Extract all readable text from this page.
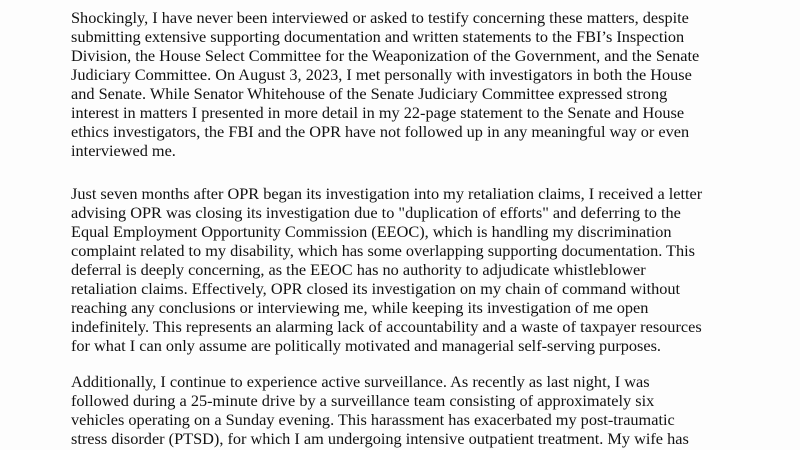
Shockingly, I have never been interviewed or asked to testify concerning these matters, despite
submitting extensive supporting documentation and written statements to the FBI’s Inspection
Division, the House Select Committee for the Weaponization of the Government, and the Senate
Judiciary Committee. On August 3, 2023, I met personally with investigators in both the House
and Senate. While Senator Whitehouse of the Senate Judiciary Committee expressed strong
interest in matters I presented in more detail in my 22-page statement to the Senate and House
ethics investigators, the FBI and the OPR have not followed up in any meaningful way or even
interviewed me.
Just seven months after OPR began its investigation into my retaliation claims, I received a letter
advising OPR was closing its investigation due to "duplication of efforts" and deferring to the
Equal Employment Opportunity Commission (EEOC), which is handling my discrimination
complaint related to my disability, which has some overlapping supporting documentation. This
deferral is deeply concerning, as the EEOC has no authority to adjudicate whistleblower
retaliation claims. Effectively, OPR closed its investigation on my chain of command without
reaching any conclusions or interviewing me, while keeping its investigation of me open
indefinitely. This represents an alarming lack of accountability and a waste of taxpayer resources
for what I can only assume are politically motivated and managerial self-serving purposes.
Additionally, I continue to experience active surveillance. As recently as last night, I was
followed during a 25-minute drive by a surveillance team consisting of approximately six
vehicles operating on a Sunday evening. This harassment has exacerbated my post-traumatic
stress disorder (PTSD), for which I am undergoing intensive outpatient treatment. My wife has
